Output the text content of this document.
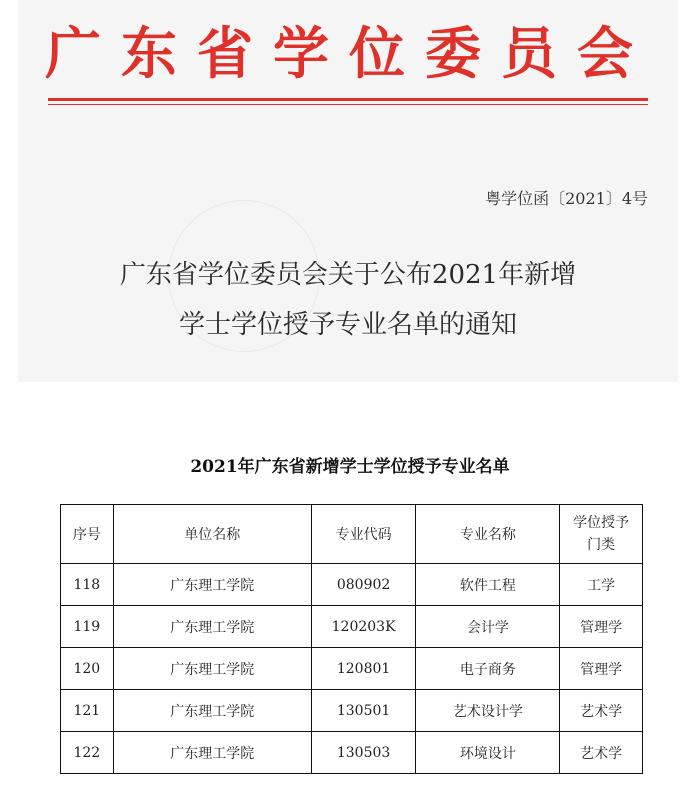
广东省学位委员会
粤学位函〔2021〕4号
广东省学位委员会关于公布2021年新增
学士学位授予专业名单的通知
2021年广东省新增学士学位授予专业名单
序号	单位名称	专业代码	专业名称	学位授予门类
118	广东理工学院	080902	软件工程	工学
119	广东理工学院	120203K	会计学	管理学
120	广东理工学院	120801	电子商务	管理学
121	广东理工学院	130501	艺术设计学	艺术学
122	广东理工学院	130503	环境设计	艺术学
